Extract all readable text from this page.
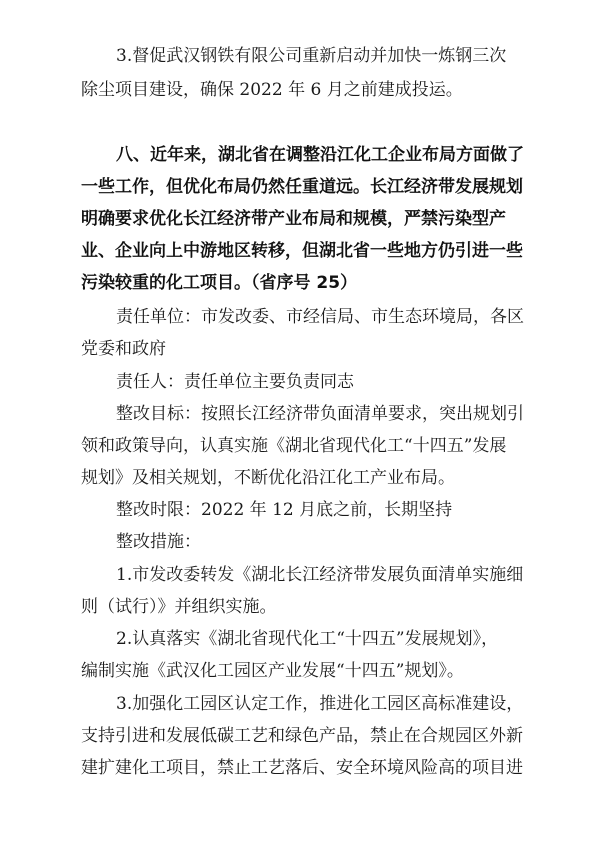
3.督促武汉钢铁有限公司重新启动并加快一炼钢三次
除尘项目建设，确保 2022 年 6 月之前建成投运。
八、近年来，湖北省在调整沿江化工企业布局方面做了
一些工作，但优化布局仍然任重道远。长江经济带发展规划
明确要求优化长江经济带产业布局和规模，严禁污染型产
业、企业向上中游地区转移，但湖北省一些地方仍引进一些
污染较重的化工项目。（省序号 25）
责任单位：市发改委、市经信局、市生态环境局，各区
党委和政府
责任人：责任单位主要负责同志
整改目标：按照长江经济带负面清单要求，突出规划引
领和政策导向，认真实施《湖北省现代化工“十四五”发展
规划》及相关规划，不断优化沿江化工产业布局。
整改时限：2022 年 12 月底之前，长期坚持
整改措施：
1.市发改委转发《湖北长江经济带发展负面清单实施细
则（试行）》并组织实施。
2.认真落实《湖北省现代化工“十四五”发展规划》，
编制实施《武汉化工园区产业发展“十四五”规划》。
3.加强化工园区认定工作，推进化工园区高标准建设，
支持引进和发展低碳工艺和绿色产品，禁止在合规园区外新
建扩建化工项目，禁止工艺落后、安全环境风险高的项目进
